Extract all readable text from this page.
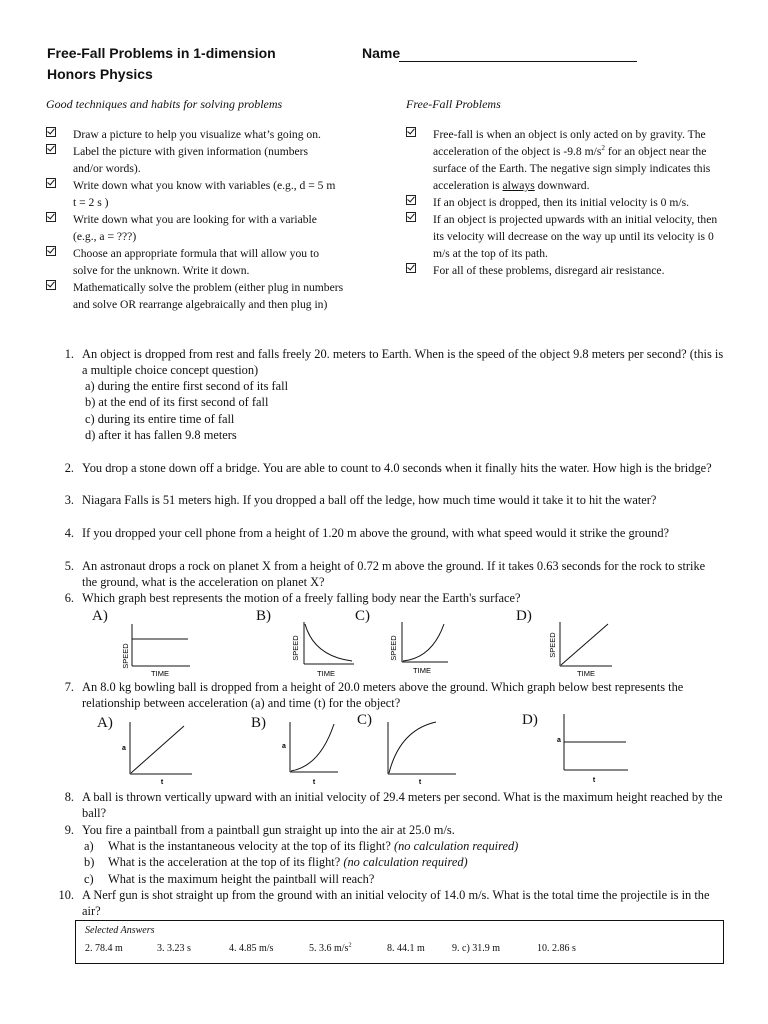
Free-Fall Problems in 1-dimension
Honors Physics
Name
Good techniques and habits for solving problems	Free-Fall Problems
Draw a picture to help you visualize what’s going on.
Label the picture with given information (numbers and/or words).
Write down what you know with variables (e.g., d = 5 m t = 2 s )
Write down what you are looking for with a variable (e.g., a = ???)
Choose an appropriate formula that will allow you to solve for the unknown. Write it down.
Mathematically solve the problem (either plug in numbers and solve OR rearrange algebraically and then plug in)
Free-fall is when an object is only acted on by gravity. The acceleration of the object is -9.8 $m/s^2$ for an object near the surface of the Earth. The negative sign simply indicates this acceleration is always downward.
If an object is dropped, then its initial velocity is 0 m/s.
If an object is projected upwards with an initial velocity, then its velocity will decrease on the way up until its velocity is 0 m/s at the top of its path.
For all of these problems, disregard air resistance.
1. An object is dropped from rest and falls freely 20. meters to Earth. When is the speed of the object 9.8 meters per second? (this is a multiple choice concept question)
a) during the entire first second of its fall
b) at the end of its first second of fall
c) during its entire time of fall
d) after it has fallen 9.8 meters
2. You drop a stone down off a bridge. You are able to count to 4.0 seconds when it finally hits the water. How high is the bridge?
3. Niagara Falls is 51 meters high. If you dropped a ball off the ledge, how much time would it take it to hit the water?
4. If you dropped your cell phone from a height of 1.20 m above the ground, with what speed would it strike the ground?
5. An astronaut drops a rock on planet X from a height of 0.72 m above the ground. If it takes 0.63 seconds for the rock to strike the ground, what is the acceleration on planet X?
6. Which graph best represents the motion of a freely falling body near the Earth's surface?
A)	B)	C)	D)
SPEED
TIME
SPEED
TIME
SPEED
TIME
SPEED
TIME
7. An 8.0 kg bowling ball is dropped from a height of 20.0 meters above the ground. Which graph below best represents the relationship between acceleration (a) and time (t) for the object?
A)	B)	C)	D)
a
t
a
t	t
a
t
8. A ball is thrown vertically upward with an initial velocity of 29.4 meters per second. What is the maximum height reached by the ball?
9. You fire a paintball from a paintball gun straight up into the air at 25.0 m/s.
a) What is the instantaneous velocity at the top of its flight? (no calculation required)
b) What is the acceleration at the top of its flight? (no calculation required)
c) What is the maximum height the paintball will reach?
10. A Nerf gun is shot straight up from the ground with an initial velocity of 14.0 m/s. What is the total time the projectile is in the air?
Selected Answers
2. 78.4 m	3. 3.23 s	4. 4.85 m/s	5. 3.6 $m/s^2$	8. 44.1 m	9. c) 31.9 m	10. 2.86 s
